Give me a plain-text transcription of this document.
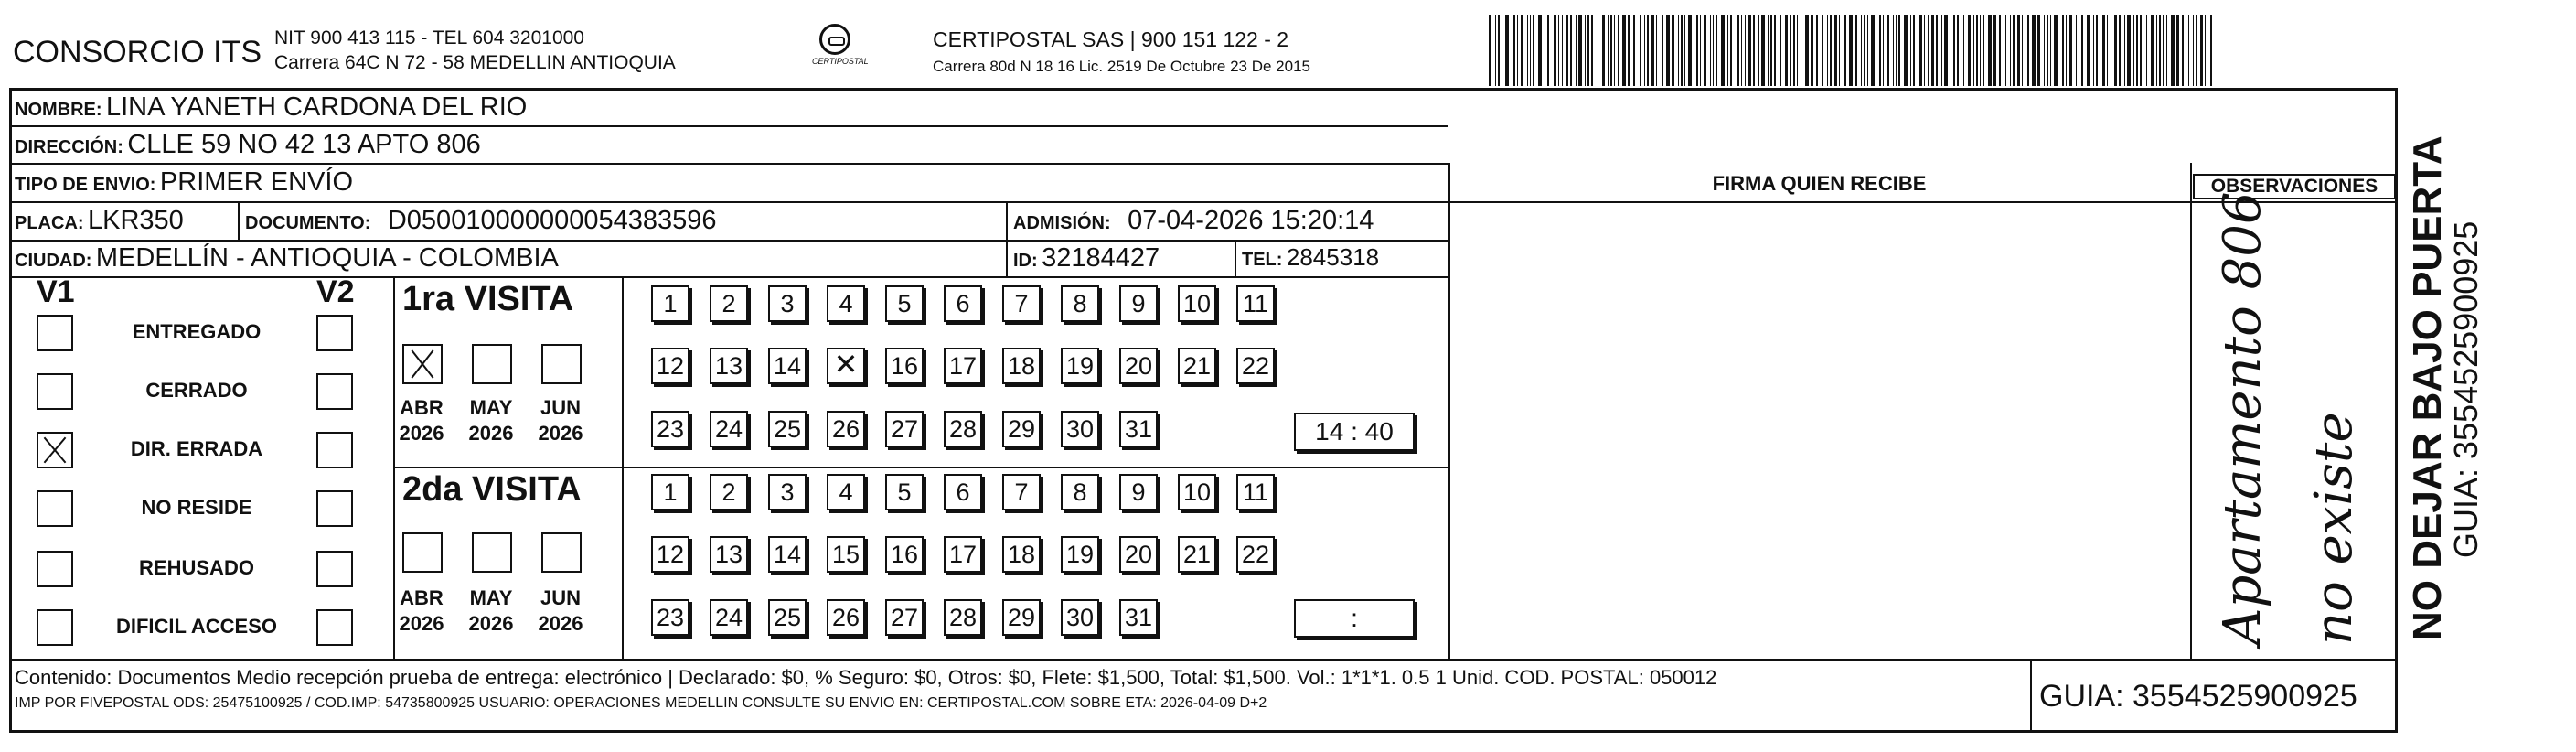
CONSORCIO ITS NIT 900 413 115 - TEL 604 3201000
Carrera 64C N 72 - 58 MEDELLIN ANTIOQUIA	CERTIPOSTAL
CERTIPOSTAL SAS | 900 151 122 - 2
Carrera 80d N 18 16 Lic. 2519 De Octubre 23 De 2015
NOMBRE: LINA YANETH CARDONA DEL RIO
DIRECCIÓN: CLLE 59 NO 42 13 APTO 806
TIPO DE ENVIO: PRIMER ENVÍO
PLACA: LKR350	DOCUMENTO: D050010000000054383596	ADMISIÓN: 07-04-2026 15:20:14
CIUDAD: MEDELLÍN - ANTIOQUIA - COLOMBIA	ID: 32184427	TEL: 2845318
V1	V2
ENTREGADO
CERRADO
DIR. ERRADA
NO RESIDE
REHUSADO
DIFICIL ACCESO
1ra VISITA
2da VISITA
ABR
2026
MAY
2026
JUN
2026
ABR
2026
MAY
2026
JUN
2026
1	2	3	4	5	6	7	8	9	10 11
12 13 14
✕	16 17 18 19 20 21 22
23 24 25 26 27 28 29 30 31
1	2	3	4	5	6	7	8	9	10 11
12 13 14 15 16 17 18 19 20 21 22
23 24 25 26 27 28 29 30 31
14 : 40
:
FIRMA QUIEN RECIBE	OBSERVACIONES
Apartamento 806 no existe NO DEJAR BAJO PUERTA
GUIA: 3554525900925
Contenido: Documentos Medio recepción prueba de entrega: electrónico | Declarado: $0, % Seguro: $0, Otros: $0, Flete: $1,500, Total: $1,500. Vol.: 1*1*1. 0.5 1 Unid. COD. POSTAL: 050012
IMP POR FIVEPOSTAL ODS: 25475100925 / COD.IMP: 54735800925 USUARIO: OPERACIONES MEDELLIN CONSULTE SU ENVIO EN: CERTIPOSTAL.COM SOBRE ETA: 2026-04-09 D+2	GUIA: 3554525900925
